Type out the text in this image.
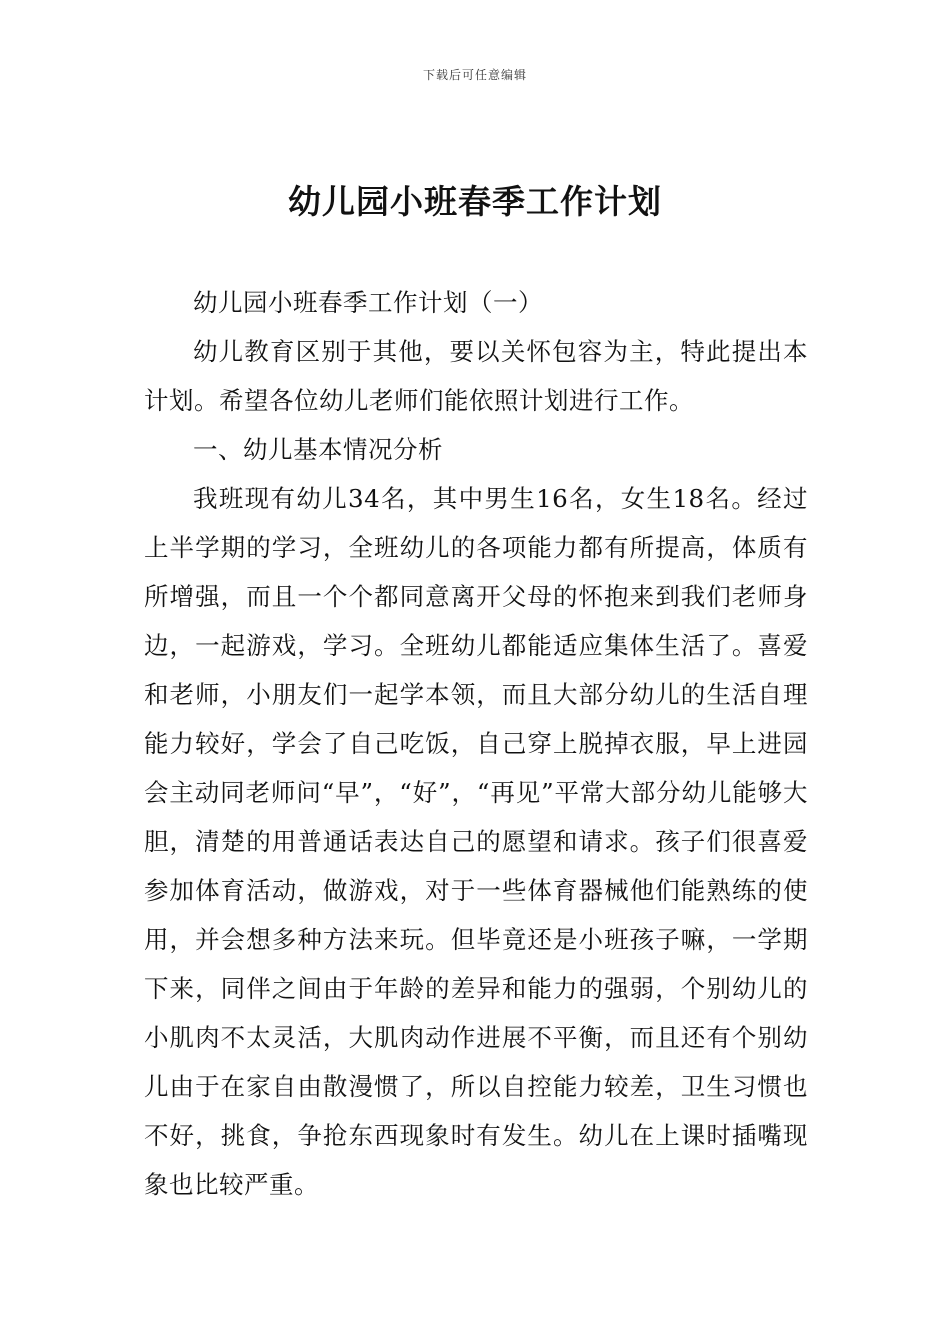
下载后可任意编辑
幼儿园小班春季工作计划

幼儿园小班春季工作计划（一）

幼儿教育区别于其他，要以关怀包容为主，特此提出本计划。希望各位幼儿老师们能依照计划进行工作。

一、幼儿基本情况分析

我班现有幼儿34名，其中男生16名，女生18名。经过上半学期的学习，全班幼儿的各项能力都有所提高，体质有所增强，而且一个个都同意离开父母的怀抱来到我们老师身边，一起游戏，学习。全班幼儿都能适应集体生活了。喜爱和老师，小朋友们一起学本领，而且大部分幼儿的生活自理能力较好，学会了自己吃饭，自己穿上脱掉衣服，早上进园会主动同老师问“早”，“好”，“再见”平常大部分幼儿能够大胆，清楚的用普通话表达自己的愿望和请求。孩子们很喜爱参加体育活动，做游戏，对于一些体育器械他们能熟练的使用，并会想多种方法来玩。但毕竟还是小班孩子嘛，一学期下来，同伴之间由于年龄的差异和能力的强弱，个别幼儿的小肌肉不太灵活，大肌肉动作进展不平衡，而且还有个别幼儿由于在家自由散漫惯了，所以自控能力较差，卫生习惯也不好，挑食，争抢东西现象时有发生。幼儿在上课时插嘴现象也比较严重。
